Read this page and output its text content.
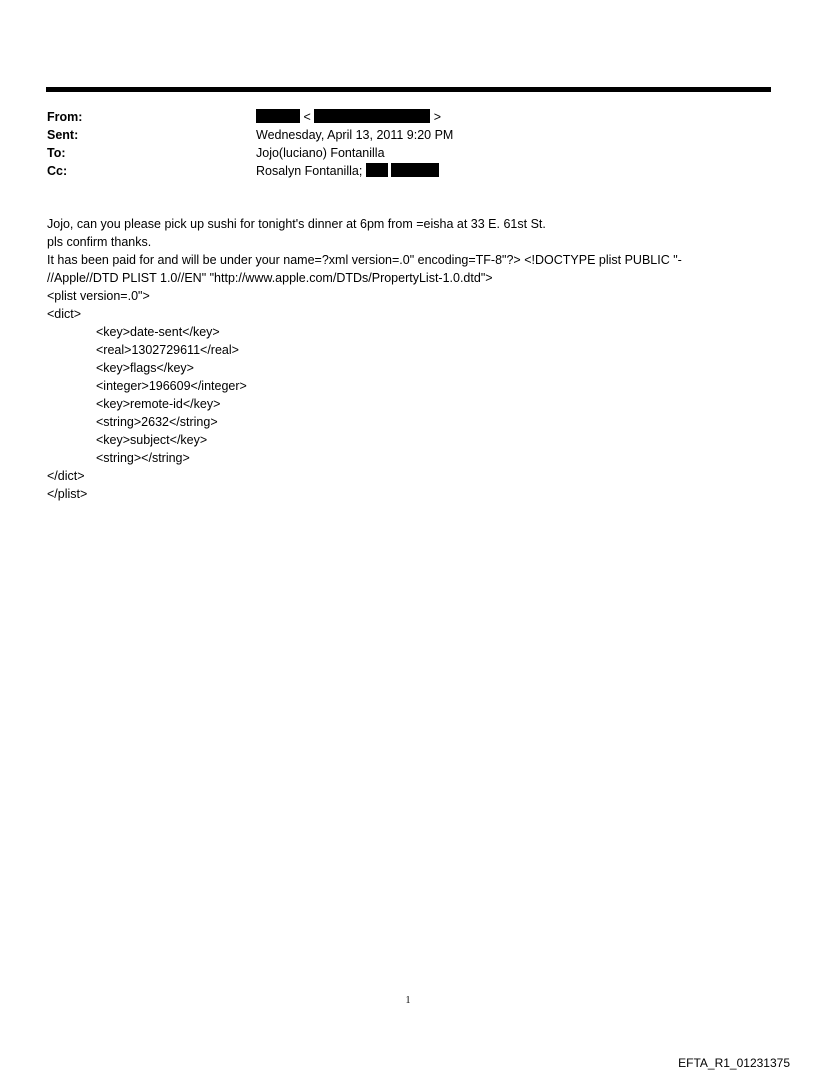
From:	<	>
Sent:	Wednesday, April 13, 2011 9:20 PM
To:	Jojo(luciano) Fontanilla
Cc:	Rosalyn Fontanilla;
Jojo, can you please pick up sushi for tonight's dinner at 6pm from =eisha at 33 E. 61st St.
pls confirm thanks.
It has been paid for and will be under your name=?xml version=.0" encoding=TF-8"?> <!DOCTYPE plist PUBLIC "-
//Apple//DTD PLIST 1.0//EN" "http://www.apple.com/DTDs/PropertyList-1.0.dtd">
<plist version=.0">
<dict>
<key>date-sent</key>
<real>1302729611</real>
<key>flags</key>
<integer>196609</integer>
<key>remote-id</key>
<string>2632</string>
<key>subject</key>
<string></string>
</dict>
</plist>
1
EFTA_R1_01231375
